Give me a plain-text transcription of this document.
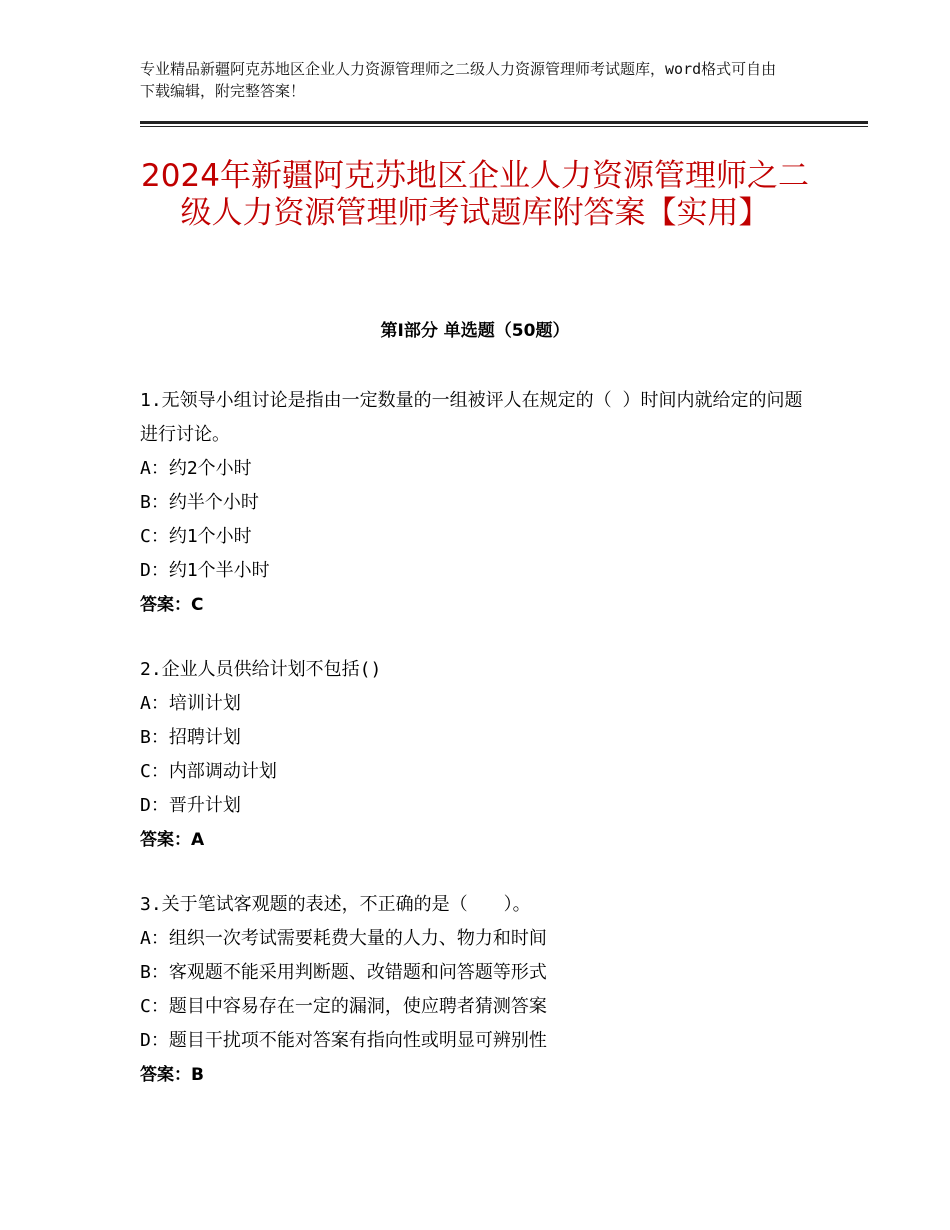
专业精品新疆阿克苏地区企业人力资源管理师之二级人力资源管理师考试题库，word格式可自由下载编辑，附完整答案！
2024年新疆阿克苏地区企业人力资源管理师之二级人力资源管理师考试题库附答案【实用】
第Ⅰ部分 单选题（50题）
1.无领导小组讨论是指由一定数量的一组被评人在规定的（ ）时间内就给定的问题进行讨论。
A：约2个小时
B：约半个小时
C：约1个小时
D：约1个半小时
答案：C
2.企业人员供给计划不包括()
A：培训计划
B：招聘计划
C：内部调动计划
D：晋升计划
答案：A
3.关于笔试客观题的表述，不正确的是（　　）。
A：组织一次考试需要耗费大量的人力、物力和时间
B：客观题不能采用判断题、改错题和问答题等形式
C：题目中容易存在一定的漏洞，使应聘者猜测答案
D：题目干扰项不能对答案有指向性或明显可辨别性
答案：B
